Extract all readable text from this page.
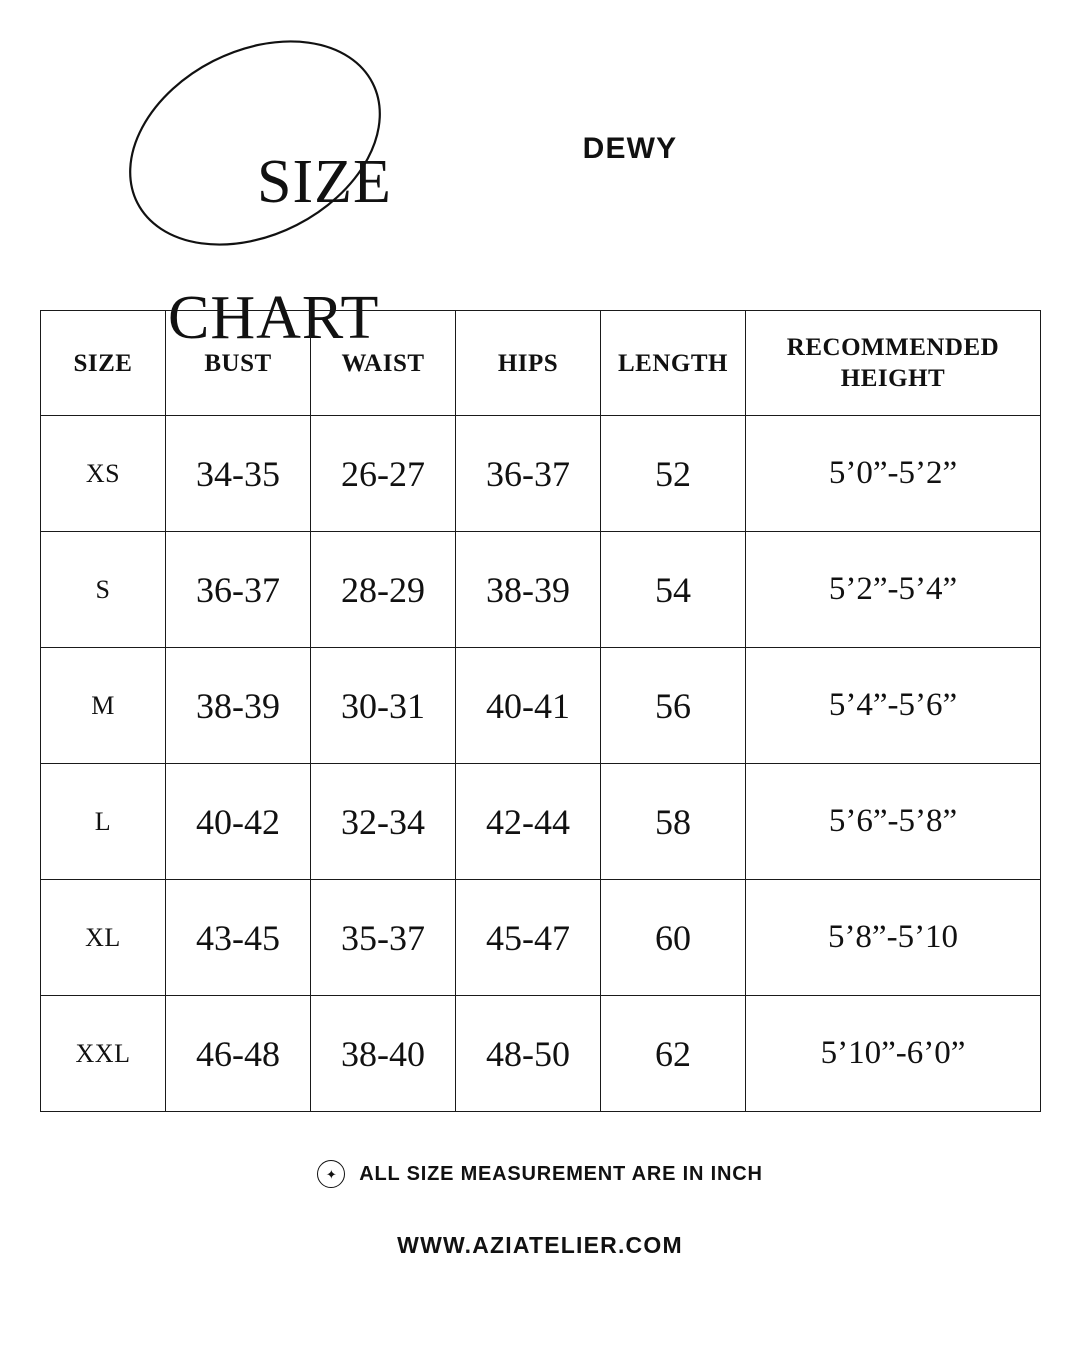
SIZE

CHART

DEWY
SIZE	BUST	WAIST	HIPS	LENGTH	RECOMMENDED HEIGHT
XS	34-35	26-27	36-37	52	5’0”-5’2”
S	36-37	28-29	38-39	54	5’2”-5’4”
M	38-39	30-31	40-41	56	5’4”-5’6”
L	40-42	32-34	42-44	58	5’6”-5’8”
XL	43-45	35-37	45-47	60	5’8”-5’10
XXL	46-48	38-40	48-50	62	5’10”-6’0”
✦	ALL SIZE MEASUREMENT ARE IN INCH
WWW.AZIATELIER.COM
